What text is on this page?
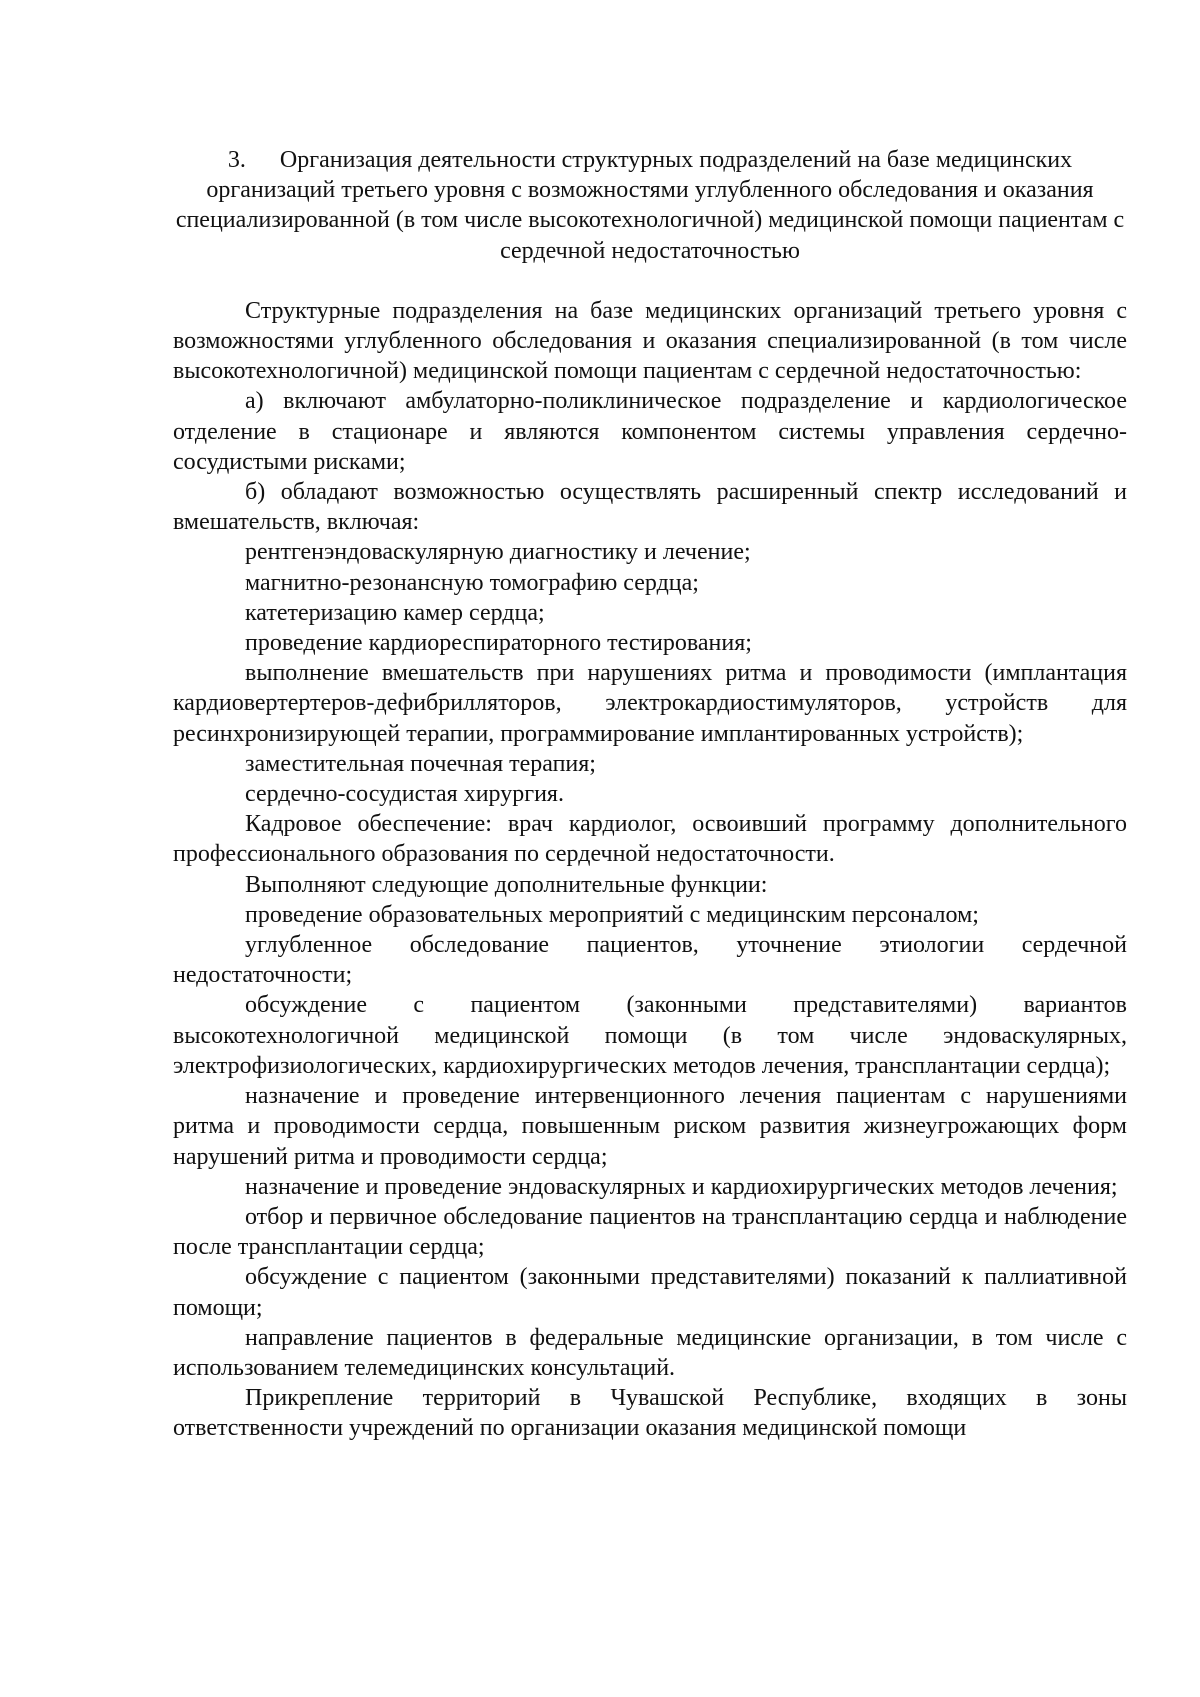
3. Организация деятельности структурных подразделений на базе медицинских организаций третьего уровня с возможностями углубленного обследования и оказания специализированной (в том числе высокотехнологичной) медицинской помощи пациентам с сердечной недостаточностью

Структурные подразделения на базе медицинских организаций третьего уровня с возможностями углубленного обследования и оказания специализированной (в том числе высокотехнологичной) медицинской помощи пациентам с сердечной недостаточностью:

а) включают амбулаторно-поликлиническое подразделение и кардиологическое отделение в стационаре и являются компонентом системы управления сердечно-сосудистыми рисками;

б) обладают возможностью осуществлять расширенный спектр исследований и вмешательств, включая:

рентгенэндоваскулярную диагностику и лечение;

магнитно-резонансную томографию сердца;

катетеризацию камер сердца;

проведение кардиореспираторного тестирования;

выполнение вмешательств при нарушениях ритма и проводимости (имплантация кардиовертертеров-дефибрилляторов, электрокардиостимуляторов, устройств для ресинхронизирующей терапии, программирование имплантированных устройств);

заместительная почечная терапия;

сердечно-сосудистая хирургия.

Кадровое обеспечение: врач кардиолог, освоивший программу дополнительного профессионального образования по сердечной недостаточности.

Выполняют следующие дополнительные функции:

проведение образовательных мероприятий с медицинским персоналом;

углубленное обследование пациентов, уточнение этиологии сердечной недостаточности;

обсуждение с пациентом (законными представителями) вариантов высокотехнологичной медицинской помощи (в том числе эндоваскулярных, электрофизиологических, кардиохирургических методов лечения, трансплантации сердца);

назначение и проведение интервенционного лечения пациентам с нарушениями ритма и проводимости сердца, повышенным риском развития жизнеугрожающих форм нарушений ритма и проводимости сердца;

назначение и проведение эндоваскулярных и кардиохирургических методов лечения;

отбор и первичное обследование пациентов на трансплантацию сердца и наблюдение после трансплантации сердца;

обсуждение с пациентом (законными представителями) показаний к паллиативной помощи;

направление пациентов в федеральные медицинские организации, в том числе с использованием телемедицинских консультаций.

Прикрепление территорий в Чувашской Республике, входящих в зоны ответственности учреждений по организации оказания медицинской помощи
